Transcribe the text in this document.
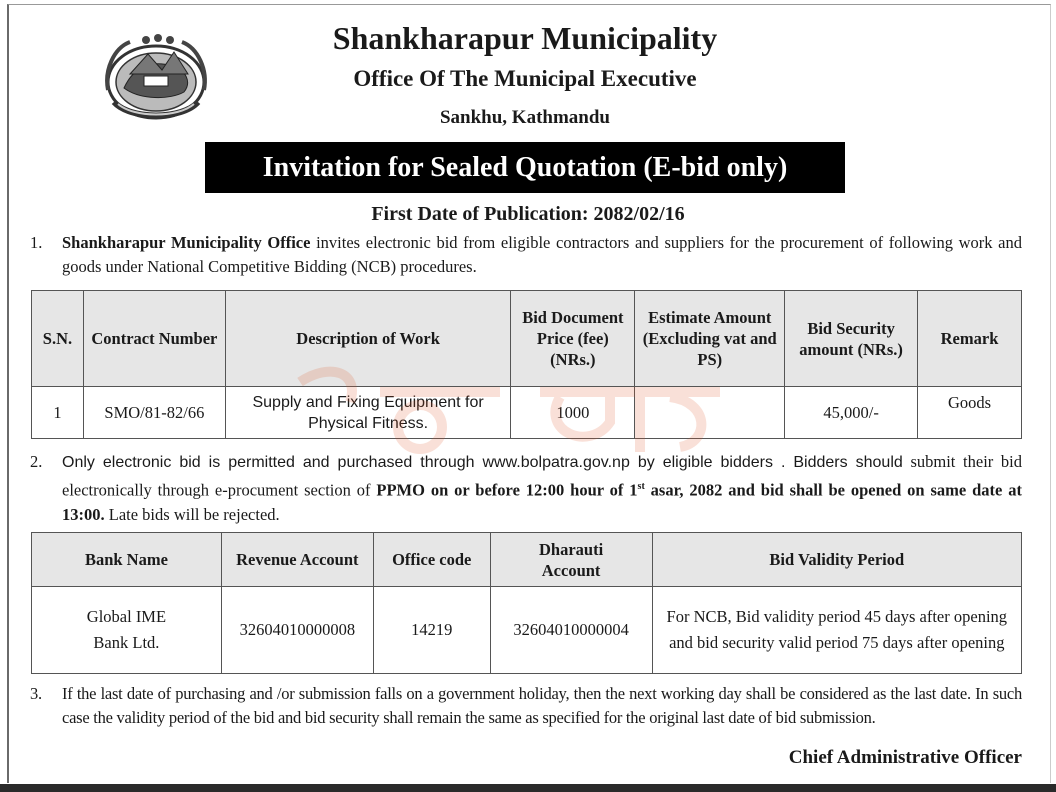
Shankharapur Municipality
Office Of The Municipal Executive
Sankhu, Kathmandu
Invitation for Sealed Quotation (E-bid only)
First Date of Publication: 2082/02/16
1.	Shankharapur Municipality Office invites electronic bid from eligible contractors and suppliers for the procurement of following work and goods under National Competitive Bidding (NCB) procedures.
S.N.	Contract Number	Description of Work	Bid Document Price (fee) (NRs.)	Estimate Amount (Excluding vat and PS)	Bid Security amount (NRs.)	Remark
1	SMO/81-82/66	Supply and Fixing Equipment for Physical Fitness.	1000		45,000/-	Goods
2.	Only electronic bid is permitted and purchased through www.bolpatra.gov.np by eligible bidders . Bidders should submit their bid electronically through e-procument section of PPMO on or before 12:00 hour of 1st asar, 2082 and bid shall be opened on same date at 13:00. Late bids will be rejected.
Bank Name	Revenue Account	Office code	Dharauti Account	Bid Validity Period
Global IME Bank Ltd.	32604010000008	14219	32604010000004	For NCB, Bid validity period 45 days after opening and bid security valid period 75 days after opening
3.	If the last date of purchasing and /or submission falls on a government holiday, then the next working day shall be considered as the last date. In such case the validity period of the bid and bid security shall remain the same as specified for the original last date of bid submission.
Chief Administrative Officer
